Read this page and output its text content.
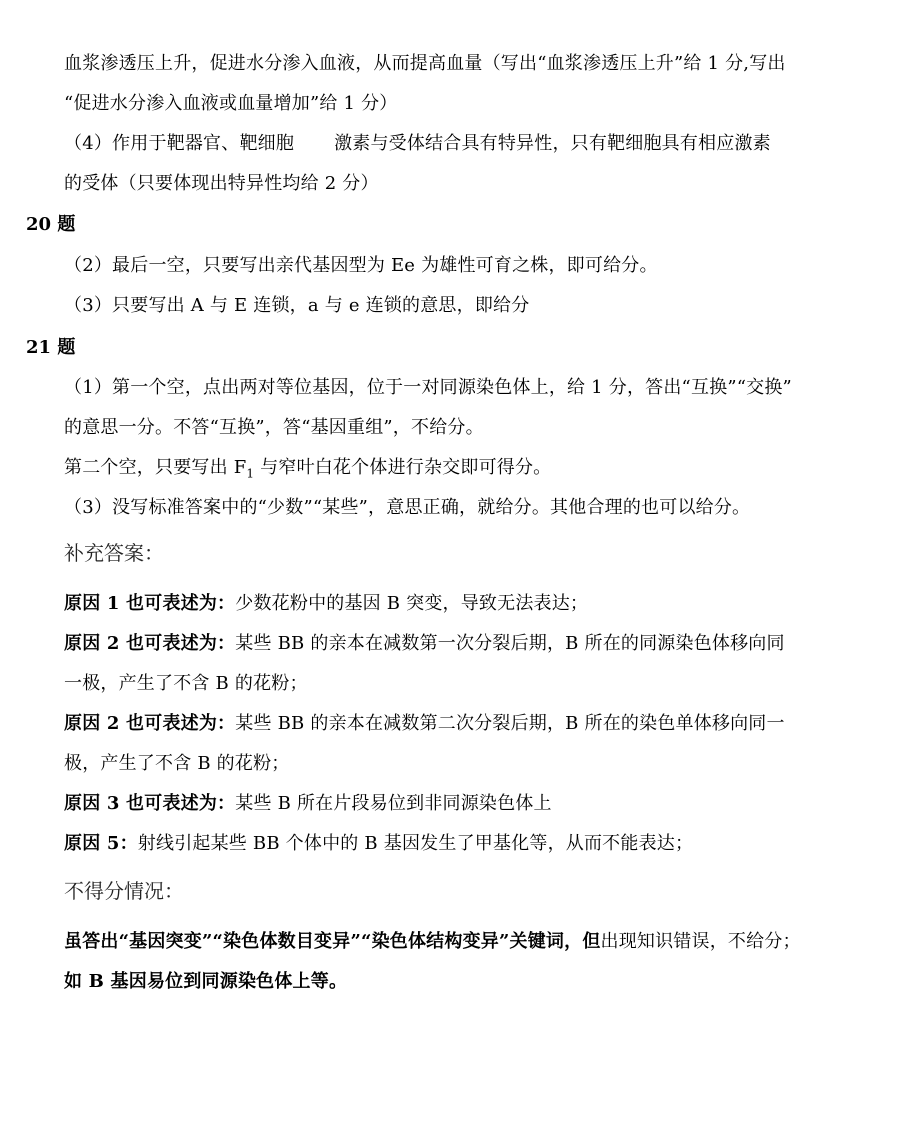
血浆渗透压上升，促进水分渗入血液，从而提高血量（写出“血浆渗透压上升”给 1 分,写出
“促进水分渗入血液或血量增加”给 1 分）
（4）作用于靶器官、靶细胞 激素与受体结合具有特异性，只有靶细胞具有相应激素
的受体（只要体现出特异性均给 2 分）
20 题
（2）最后一空，只要写出亲代基因型为 Ee 为雄性可育之株，即可给分。
（3）只要写出 A 与 E 连锁，a 与 e 连锁的意思，即给分
21 题
（1）第一个空，点出两对等位基因，位于一对同源染色体上，给 1 分，答出“互换”“交换”
的意思一分。不答“互换”，答“基因重组”，不给分。
第二个空，只要写出 $F_1$ 与窄叶白花个体进行杂交即可得分。
（3）没写标准答案中的“少数”“某些”，意思正确，就给分。其他合理的也可以给分。
补充答案：
原因 1 也可表述为：少数花粉中的基因 B 突变，导致无法表达；
原因 2 也可表述为：某些 BB 的亲本在减数第一次分裂后期，B 所在的同源染色体移向同
一极，产生了不含 B 的花粉；
原因 2 也可表述为：某些 BB 的亲本在减数第二次分裂后期，B 所在的染色单体移向同一
极，产生了不含 B 的花粉；
原因 3 也可表述为：某些 B 所在片段易位到非同源染色体上
原因 5：射线引起某些 BB 个体中的 B 基因发生了甲基化等，从而不能表达；
不得分情况：
虽答出“基因突变”“染色体数目变异”“染色体结构变异”关键词，但出现知识错误，不给分；
如 B 基因易位到同源染色体上等。
